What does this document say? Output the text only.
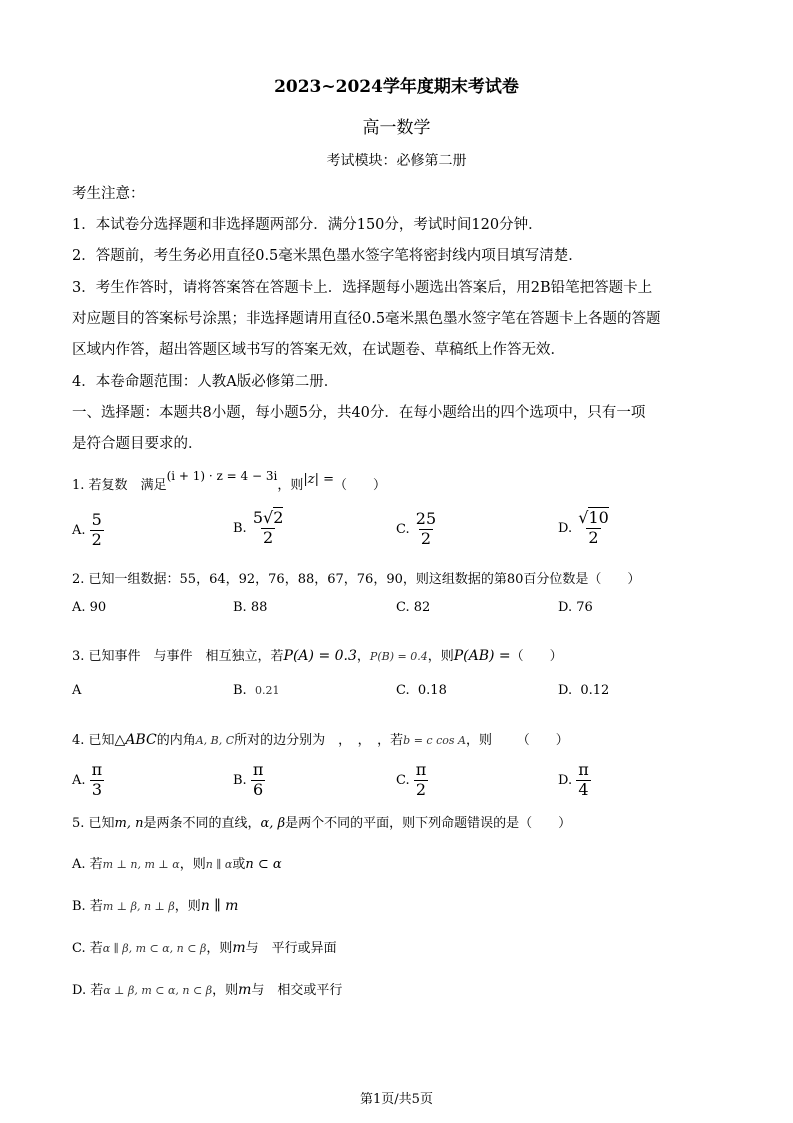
2023~2024学年度期末考试卷
高一数学
考试模块：必修第二册
考生注意：
1．本试卷分选择题和非选择题两部分．满分150分，考试时间120分钟．
2．答题前，考生务必用直径0.5毫米黑色墨水签字笔将密封线内项目填写清楚．
3．考生作答时，请将答案答在答题卡上．选择题每小题选出答案后，用2B铅笔把答题卡上
对应题目的答案标号涂黑；非选择题请用直径0.5毫米黑色墨水签字笔在答题卡上各题的答题
区域内作答，超出答题区域书写的答案无效，在试题卷、草稿纸上作答无效．
4．本卷命题范围：人教A版必修第二册．
一、选择题：本题共8小题，每小题5分，共40分．在每小题给出的四个选项中，只有一项
是符合题目要求的．
1. 若复数　 满足(i + 1) · z = 4 − 3i，则|z| =（　　）
A. $\frac{5}{2}$	B. $\frac{5√2}{2}$	C. $\frac{25}{2}$	D. $\frac{√10}{2}$
2. 已知一组数据：55，64，92，76，88，67，76，90，则这组数据的第80百分位数是（　　）
A. 90	B. 88	C. 82	D. 76
3. 已知事件　与事件　相互独立，若P(A) = 0.3，P(B) = 0.4，则P(AB) =（　　）
A	B. 0.21	C. 0.18	D. 0.12
4. 已知△ABC的内角A, B, C所对的边分别为　，　，　，若b = c cos A，则 （　　）
A. $\frac{\pi}{3}$	B. $\frac{\pi}{6}$	C. $\frac{\pi}{2}$	D. $\frac{\pi}{4}$
5. 已知m, n是两条不同的直线，α, β是两个不同的平面，则下列命题错误的是（　　）
A. 若m ⊥ n, m ⊥ α，则n ∥ α或n ⊂ α
B. 若m ⊥ β, n ⊥ β，则n ∥ m
C. 若α ∥ β, m ⊂ α, n ⊂ β，则m与　平行或异面
D. 若α ⊥ β, m ⊂ α, n ⊂ β，则m与　相交或平行
第1页/共5页
